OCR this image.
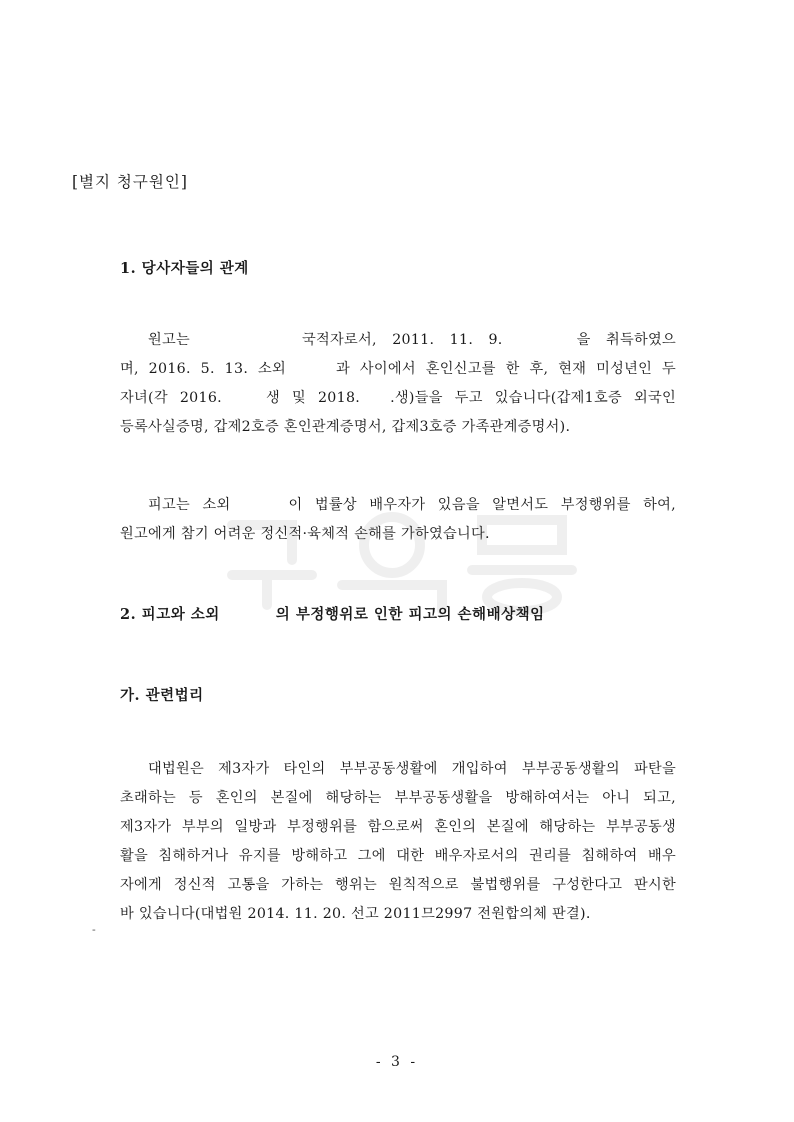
[별지 청구원인]
1. 당사자들의 관계
원고는	국적자로서, 2011. 11. 9.	을 취득하였으
며, 2016. 5. 13. 소외	과 사이에서 혼인신고를 한 후, 현재 미성년인 두
자녀(각 2016.	생 및 2018. .생)들을 두고 있습니다(갑제1호증 외국인
등록사실증명, 갑제2호증 혼인관계증명서, 갑제3호증 가족관계증명서).
피고는 소외	이 법률상 배우자가 있음을 알면서도 부정행위를 하여,
원고에게 참기 어려운 정신적·육체적 손해를 가하였습니다.
2. 피고와 소외	의 부정행위로 인한 피고의 손해배상책임
가. 관련법리
대법원은 제3자가 타인의 부부공동생활에 개입하여 부부공동생활의 파탄을
초래하는 등 혼인의 본질에 해당하는 부부공동생활을 방해하여서는 아니 되고,
제3자가 부부의 일방과 부정행위를 함으로써 혼인의 본질에 해당하는 부부공동생
활을 침해하거나 유지를 방해하고 그에 대한 배우자로서의 권리를 침해하여 배우
자에게 정신적 고통을 가하는 행위는 원칙적으로 불법행위를 구성한다고 판시한
바 있습니다(대법원 2014. 11. 20. 선고 2011므2997 전원합의체 판결).
-
- 3 -
